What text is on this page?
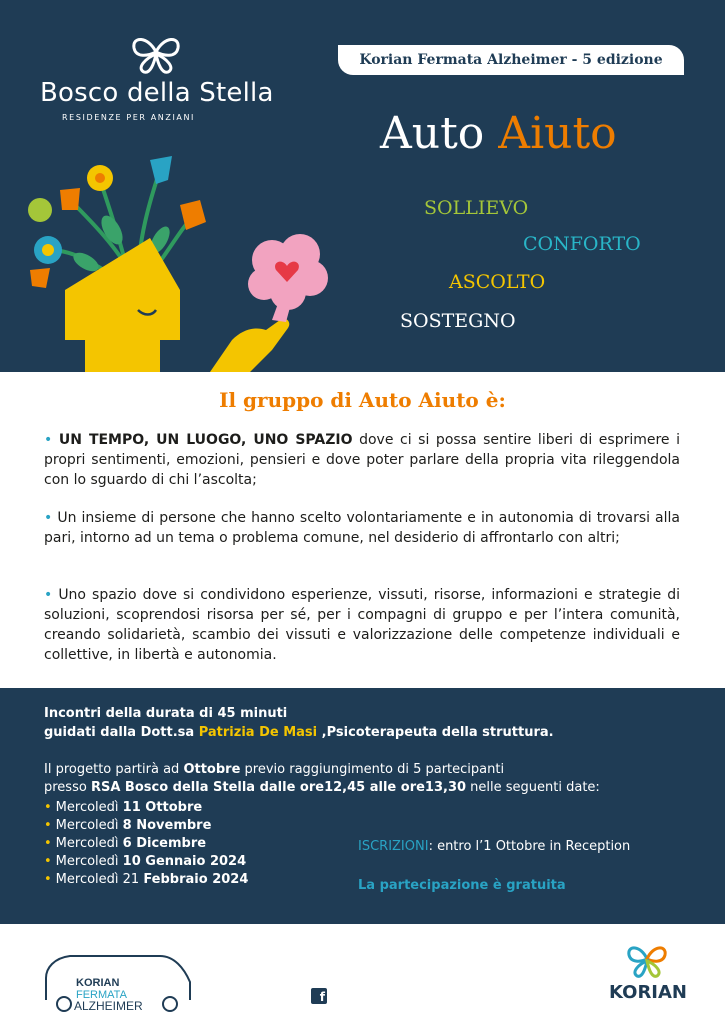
Bosco della Stella
RESIDENZE PER ANZIANI
Korian Fermata Alzheimer - 5 edizione
Auto Aiuto
SOLLIEVO
CONFORTO
ASCOLTO
SOSTEGNO
Il gruppo di Auto Aiuto è:
• UN TEMPO, UN LUOGO, UNO SPAZIO dove ci si possa sentire liberi di esprimere i propri sentimenti, emozioni, pensieri e dove poter parlare della propria vita rileggendola con lo sguardo di chi l’ascolta;
• Un insieme di persone che hanno scelto volontariamente e in autonomia di trovarsi alla pari, intorno ad un tema o problema comune, nel desiderio di affrontarlo con altri;
• Uno spazio dove si condividono esperienze, vissuti, risorse, informazioni e strategie di soluzioni, scoprendosi risorsa per sé, per i compagni di gruppo e per l’intera comunità, creando solidarietà, scambio dei vissuti e valorizzazione delle competenze individuali e collettive, in libertà e autonomia.
Incontri della durata di 45 minuti
guidati dalla Dott.sa Patrizia De Masi ,Psicoterapeuta della struttura.
Il progetto partirà ad Ottobre previo raggiungimento di 5 partecipanti
presso RSA Bosco della Stella dalle ore12,45 alle ore13,30 nelle seguenti date:
• Mercoledì 11 Ottobre
• Mercoledì 8 Novembre
• Mercoledì 6 Dicembre
• Mercoledì 10 Gennaio 2024
• Mercoledì 21 Febbraio 2024
ISCRIZIONI: entro l’1 Ottobre in Reception
La partecipazione è gratuita
KORIAN
FERMATA
ALZHEIMER
f	KORIAN
